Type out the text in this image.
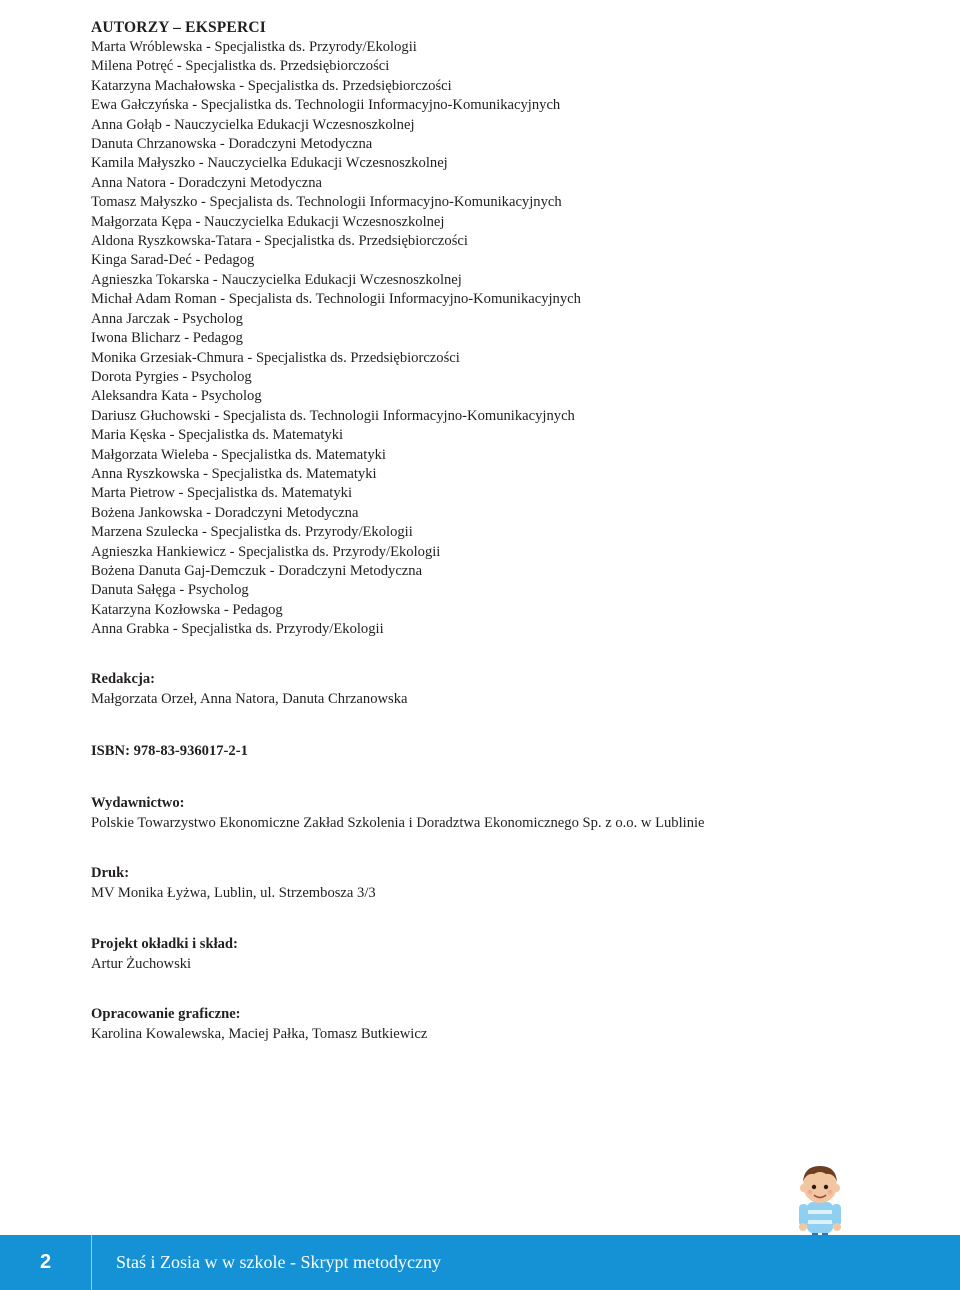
AUTORZY – EKSPERCI
Marta Wróblewska - Specjalistka ds. Przyrody/Ekologii
Milena Potręć - Specjalistka ds. Przedsiębiorczości
Katarzyna Machałowska - Specjalistka ds. Przedsiębiorczości
Ewa Gałczyńska - Specjalistka ds. Technologii Informacyjno-Komunikacyjnych
Anna Gołąb - Nauczycielka Edukacji Wczesnoszkolnej
Danuta Chrzanowska - Doradczyni Metodyczna
Kamila Małyszko - Nauczycielka Edukacji Wczesnoszkolnej
Anna Natora - Doradczyni Metodyczna
Tomasz Małyszko - Specjalista ds. Technologii Informacyjno-Komunikacyjnych
Małgorzata Kępa - Nauczycielka Edukacji Wczesnoszkolnej
Aldona Ryszkowska-Tatara - Specjalistka ds. Przedsiębiorczości
Kinga Sarad-Deć - Pedagog
Agnieszka Tokarska - Nauczycielka Edukacji Wczesnoszkolnej
Michał Adam Roman - Specjalista ds. Technologii Informacyjno-Komunikacyjnych
Anna Jarczak - Psycholog
Iwona Blicharz - Pedagog
Monika Grzesiak-Chmura - Specjalistka ds. Przedsiębiorczości
Dorota Pyrgies - Psycholog
Aleksandra Kata - Psycholog
Dariusz Głuchowski - Specjalista ds. Technologii Informacyjno-Komunikacyjnych
Maria Kęska - Specjalistka ds. Matematyki
Małgorzata Wieleba - Specjalistka ds. Matematyki
Anna Ryszkowska - Specjalistka ds. Matematyki
Marta Pietrow - Specjalistka ds. Matematyki
Bożena Jankowska - Doradczyni Metodyczna
Marzena Szulecka - Specjalistka ds. Przyrody/Ekologii
Agnieszka Hankiewicz - Specjalistka ds. Przyrody/Ekologii
Bożena Danuta Gaj-Demczuk - Doradczyni Metodyczna
Danuta Sałęga - Psycholog
Katarzyna Kozłowska - Pedagog
Anna Grabka - Specjalistka ds. Przyrody/Ekologii
Redakcja:
Małgorzata Orzeł, Anna Natora, Danuta Chrzanowska
ISBN: 978-83-936017-2-1
Wydawnictwo:
Polskie Towarzystwo Ekonomiczne Zakład Szkolenia i Doradztwa Ekonomicznego Sp. z o.o. w Lublinie
Druk:
MV Monika Łyżwa, Lublin, ul. Strzembosza 3/3
Projekt okładki i skład:
Artur Żuchowski
Opracowanie graficzne:
Karolina Kowalewska, Maciej Pałka, Tomasz Butkiewicz
2	Staś i Zosia w w szkole - Skrypt metodyczny
